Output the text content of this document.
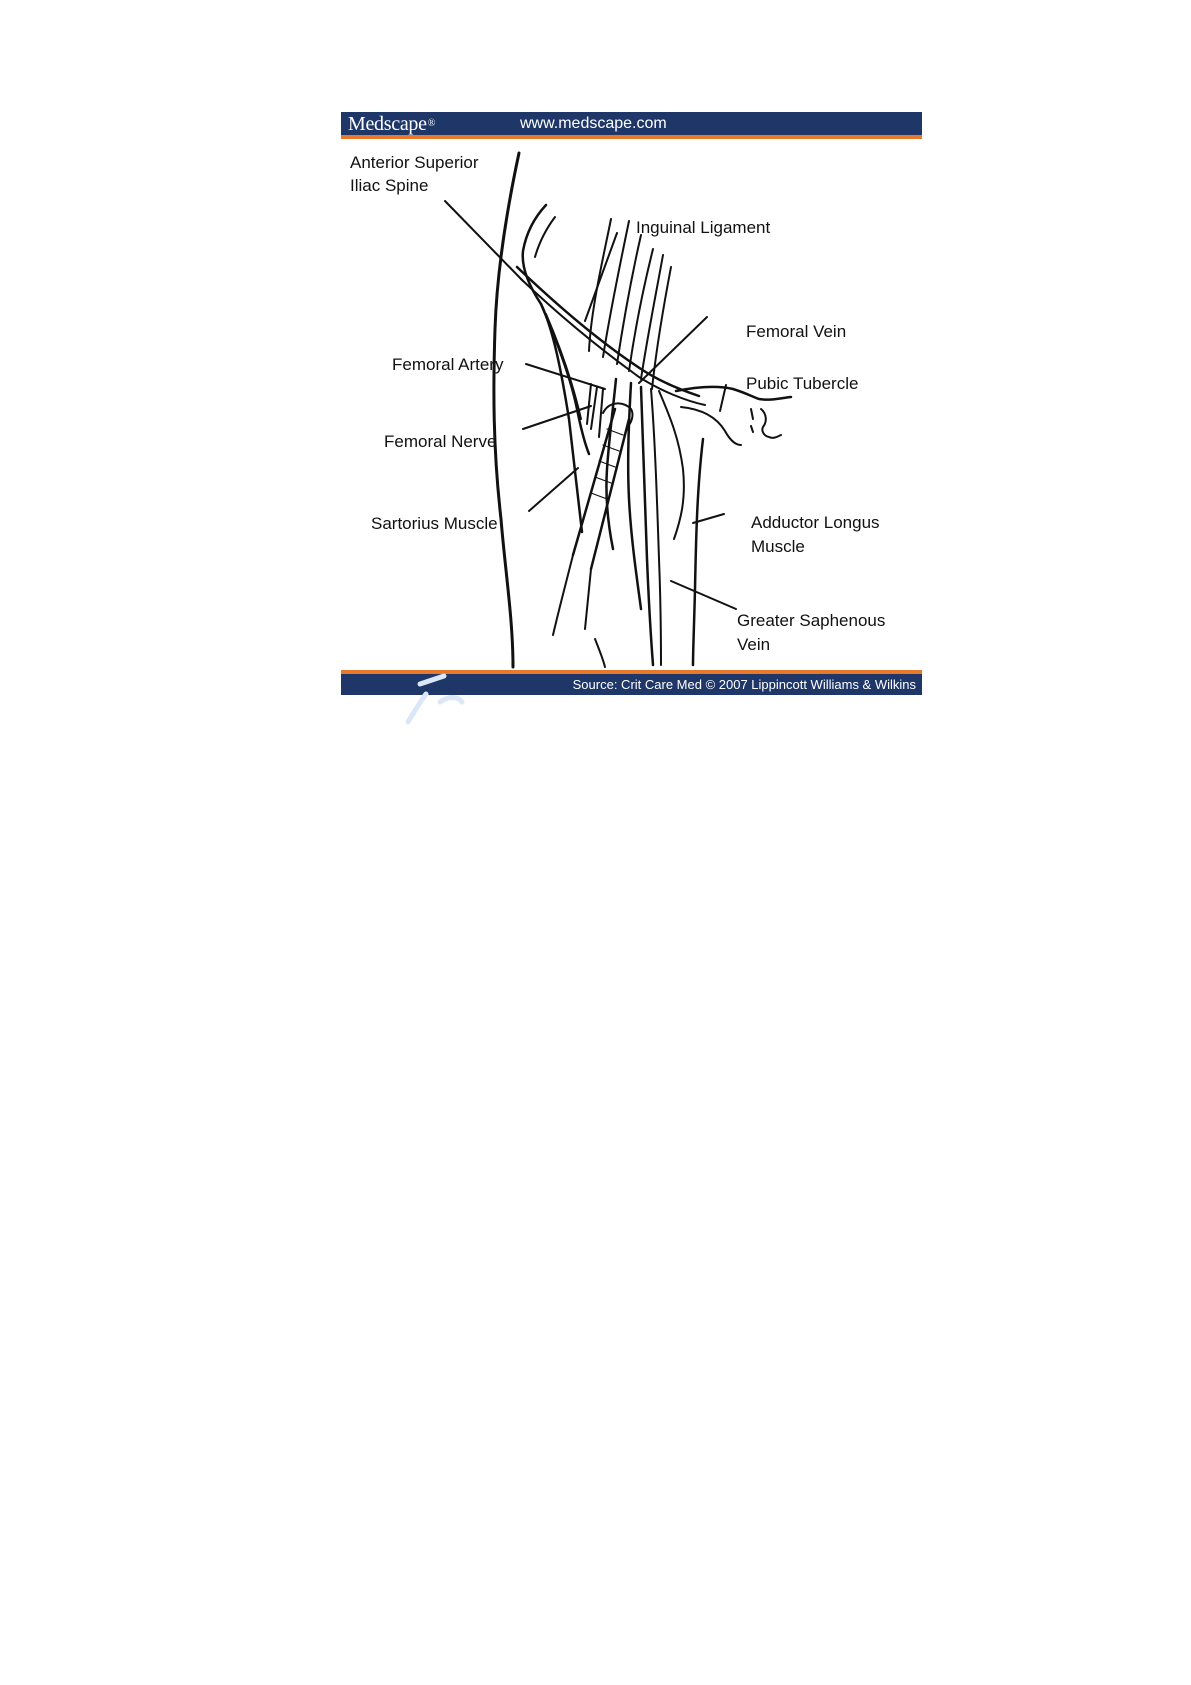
Medscape®	www.medscape.com
Anterior Superior
Iliac Spine
Inguinal Ligament
Femoral Vein
Femoral Artery
Pubic Tubercle
Femoral Nerve
Sartorius Muscle	Adductor Longus
Muscle
Greater Saphenous
Vein
Source: Crit Care Med © 2007 Lippincott Williams & Wilkins
